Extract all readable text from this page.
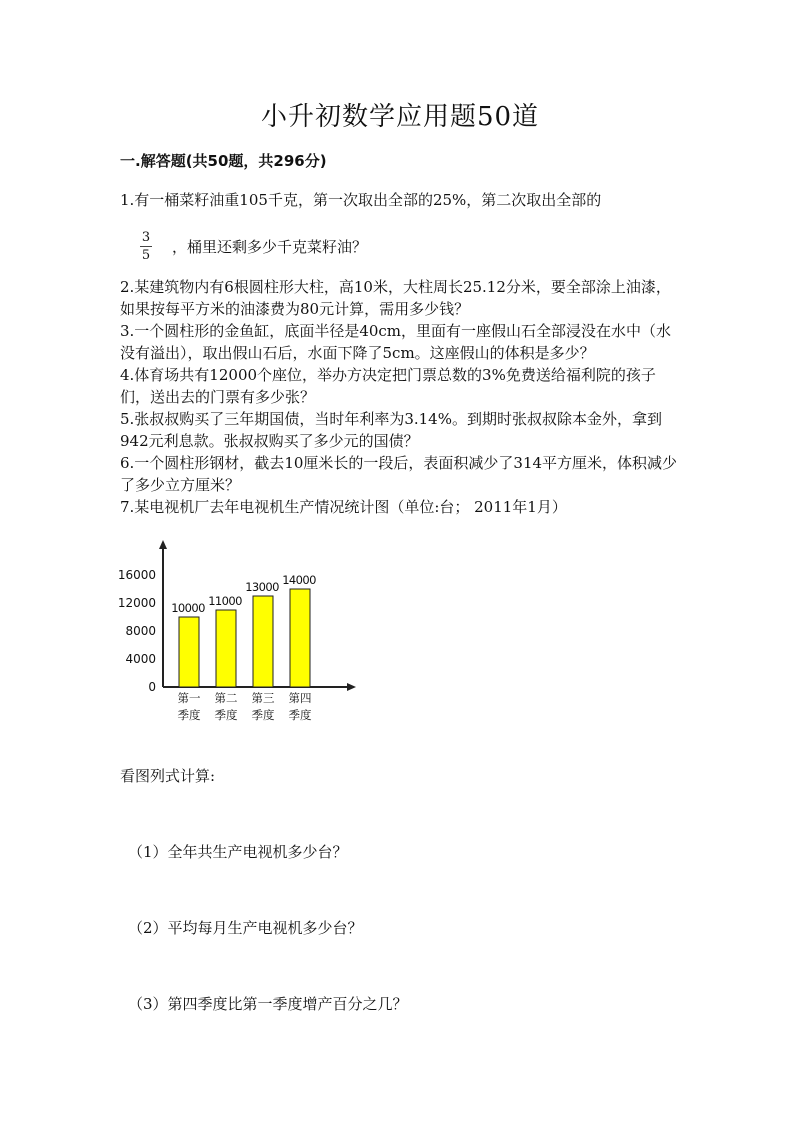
小升初数学应用题50道
一.解答题(共50题，共296分)
1.有一桶菜籽油重105千克，第一次取出全部的25%，第二次取出全部的
$\frac{3}{5}$ ，桶里还剩多少千克菜籽油？

2.某建筑物内有6根圆柱形大柱，高10米，大柱周长25.12分米，要全部涂上油漆，如果按每平方米的油漆费为80元计算，需用多少钱？

3.一个圆柱形的金鱼缸，底面半径是40cm，里面有一座假山石全部浸没在水中（水没有溢出），取出假山石后，水面下降了5cm。这座假山的体积是多少？

4.体育场共有12000个座位，举办方决定把门票总数的3%免费送给福利院的孩子们，送出去的门票有多少张？

5.张叔叔购买了三年期国债，当时年利率为3.14%。到期时张叔叔除本金外，拿到942元利息款。张叔叔购买了多少元的国债？

6.一个圆柱形钢材，截去10厘米长的一段后，表面积减少了314平方厘米，体积减少了多少立方厘米？

7.某电视机厂去年电视机生产情况统计图（单位:台； 2011年1月）

0
4000
8000
12000
16000
10000
第一
季度
11000
第二
季度
13000
第三
季度
14000
第四
季度
看图列式计算:
（1）全年共生产电视机多少台？
（2）平均每月生产电视机多少台？
（3）第四季度比第一季度增产百分之几？
